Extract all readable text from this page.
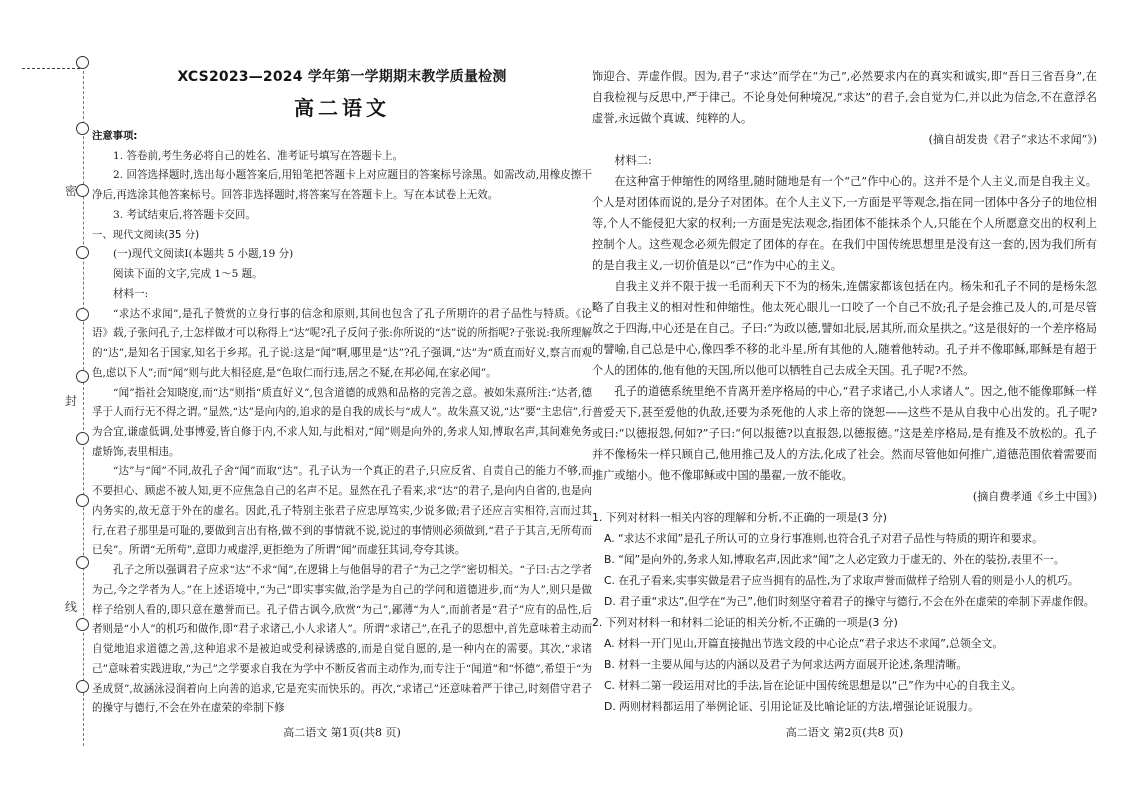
密
封
线

XCS2023—2024 学年第一学期期末教学质量检测

高二语文

注意事项:

1. 答卷前,考生务必将自己的姓名、准考证号填写在答题卡上。

2. 回答选择题时,选出每小题答案后,用铅笔把答题卡上对应题目的答案标号涂黑。如需改动,用橡皮擦干净后,再选涂其他答案标号。回答非选择题时,将答案写在答题卡上。写在本试卷上无效。

3. 考试结束后,将答题卡交回。

一、现代文阅读(35 分)

(一)现代文阅读Ⅰ(本题共 5 小题,19 分)

阅读下面的文字,完成 1～5 题。

材料一:

“求达不求闻”,是孔子赞赏的立身行事的信念和原则,其间也包含了孔子所期许的君子品性与特质。《论语》载,子张问孔子,士怎样做才可以称得上“达”呢?孔子反问子张:你所说的“达”说的所指呢?子张说:我所理解的“达”,是知名于国家,知名于乡邦。孔子说:这是“闻”啊,哪里是“达”?孔子强调,“达”为“质直而好义,察言而观色,虑以下人”;而“闻”则与此大相径庭,是“色取仁而行违,居之不疑,在邦必闻,在家必闻”。

“闻”指社会知晓度,而“达”则指“质直好义”,包含道德的成熟和品格的完善之意。被如朱熹所注:“达者,德孚于人而行无不得之谓。”显然,“达”是向内的,追求的是自我的成长与“成人”。故朱熹又说,“达”要“主忠信”,行为合宜,谦虚低调,处事博爱,皆自修于内,不求人知,与此相对,“闻”则是向外的,务求人知,博取名声,其间难免务虚矫饰,表里相违。

“达”与“闻”不同,故孔子舍“闻”而取“达”。孔子认为一个真正的君子,只应反省、自责自己的能力不够,而不要担心、顾虑不被人知,更不应焦急自己的名声不足。显然在孔子看来,求“达”的君子,是向内自省的,也是向内务实的,故无意于外在的虚名。因此,孔子特别主张君子应忠厚笃实,少说多做;君子还应言实相符,言而过其行,在君子那里是可耻的,要做到言出有格,做不到的事情就不说,说过的事情则必须做到,“君子于其言,无所苟而已矣”。所谓“无所苟”,意即力戒虚浮,更拒绝为了所谓“闻”而虚狂其词,夸夸其谈。

孔子之所以强调君子应求“达”不求“闻”,在逻辑上与他倡导的君子“为己之学”密切相关。“子曰:古之学者为己,今之学者为人。”在上述语境中,“为己”即实事实做,治学是为自己的学问和道德进步,而“为人”,则只是做样子给别人看的,即只意在邀誉而已。孔子借古讽今,欣赏“为己”,鄙薄“为人”,而前者是“君子”应有的品性,后者则是“小人”的机巧和做作,即“君子求诸己,小人求诸人”。所谓“求诸己”,在孔子的思想中,首先意味着主动而自觉地追求道德之善,这种追求不是被迫或受利禄诱惑的,而是自觉自愿的,是一种内在的需要。其次,“求诸己”意味着实践进取,“为己”之学要求自我在为学中不断反省而主动作为,而专注于“闻道”和“怀德”,希望于“为圣成贤”,故涵泳浸润着向上向善的追求,它是充实而快乐的。再次,“求诸己”还意味着严于律己,时刻借守君子的操守与德行,不会在外在虚荣的牵制下修

饰迎合、弄虚作假。因为,君子“求达”而学在“为己”,必然要求内在的真实和诚实,即“吾日三省吾身”,在自我检视与反思中,严于律己。不论身处何种境况,“求达”的君子,会自觉为仁,并以此为信念,不在意浮名虚誉,永远做个真诚、纯粹的人。

(摘自胡发贵《君子“求达不求闻”》)

材料二:

在这种富于伸缩性的网络里,随时随地是有一个“己”作中心的。这并不是个人主义,而是自我主义。个人是对团体而说的,是分子对团体。在个人主义下,一方面是平等观念,指在同一团体中各分子的地位相等,个人不能侵犯大家的权利;一方面是宪法观念,指团体不能抹杀个人,只能在个人所愿意交出的权利上控制个人。这些观念必须先假定了团体的存在。在我们中国传统思想里是没有这一套的,因为我们所有的是自我主义,一切价值是以“己”作为中心的主义。

自我主义并不限于拔一毛而利天下不为的杨朱,连儒家都该包括在内。杨朱和孔子不同的是杨朱忽略了自我主义的相对性和伸缩性。他太死心眼儿一口咬了一个自己不放;孔子是会推己及人的,可是尽管放之于四海,中心还是在自己。子曰:“为政以德,譬如北辰,居其所,而众星拱之。”这是很好的一个差序格局的譬喻,自己总是中心,像四季不移的北斗星,所有其他的人,随着他转动。孔子并不像耶稣,耶稣是有超于个人的团体的,他有他的天国,所以他可以牺牲自己去成全天国。孔子呢?不然。

孔子的道德系统里绝不肯离开差序格局的中心,“君子求诸己,小人求诸人”。因之,他不能像耶稣一样普爱天下,甚至爱他的仇敌,还要为杀死他的人求上帝的饶恕——这些不是从自我中心出发的。孔子呢?或曰:“以德报怨,何如?”子曰:“何以报德?以直报怨,以德报德。”这是差序格局,是有推及不放松的。孔子并不像杨朱一样只顾自己,他用推己及人的方法,化成了社会。然而尽管他如何推广,道德范围依着需要而推广或缩小。他不像耶稣或中国的墨翟,一放不能收。

(摘自费孝通《乡土中国》)

1. 下列对材料一相关内容的理解和分析,不正确的一项是(3 分)

A. “求达不求闻”是孔子所认可的立身行事准则,也符合孔子对君子品性与特质的期许和要求。

B. “闻”是向外的,务求人知,博取名声,因此求“闻”之人必定致力于虚无的、外在的装扮,表里不一。

C. 在孔子看来,实事实做是君子应当拥有的品性,为了求取声誉而做样子给别人看的则是小人的机巧。

D. 君子重“求达”,但学在“为己”,他们时刻坚守着君子的操守与德行,不会在外在虚荣的牵制下弄虚作假。

2. 下列对材料一和材料二论证的相关分析,不正确的一项是(3 分)

A. 材料一开门见山,开篇直接抛出节选文段的中心论点“君子求达不求闻”,总领全文。

B. 材料一主要从闻与达的内涵以及君子为何求达两方面展开论述,条理清晰。

C. 材料二第一段运用对比的手法,旨在论证中国传统思想是以“己”作为中心的自我主义。

D. 两则材料都运用了举例论证、引用论证及比喻论证的方法,增强论证说服力。

高二语文 第1页(共8 页)	高二语文 第2页(共8 页)
